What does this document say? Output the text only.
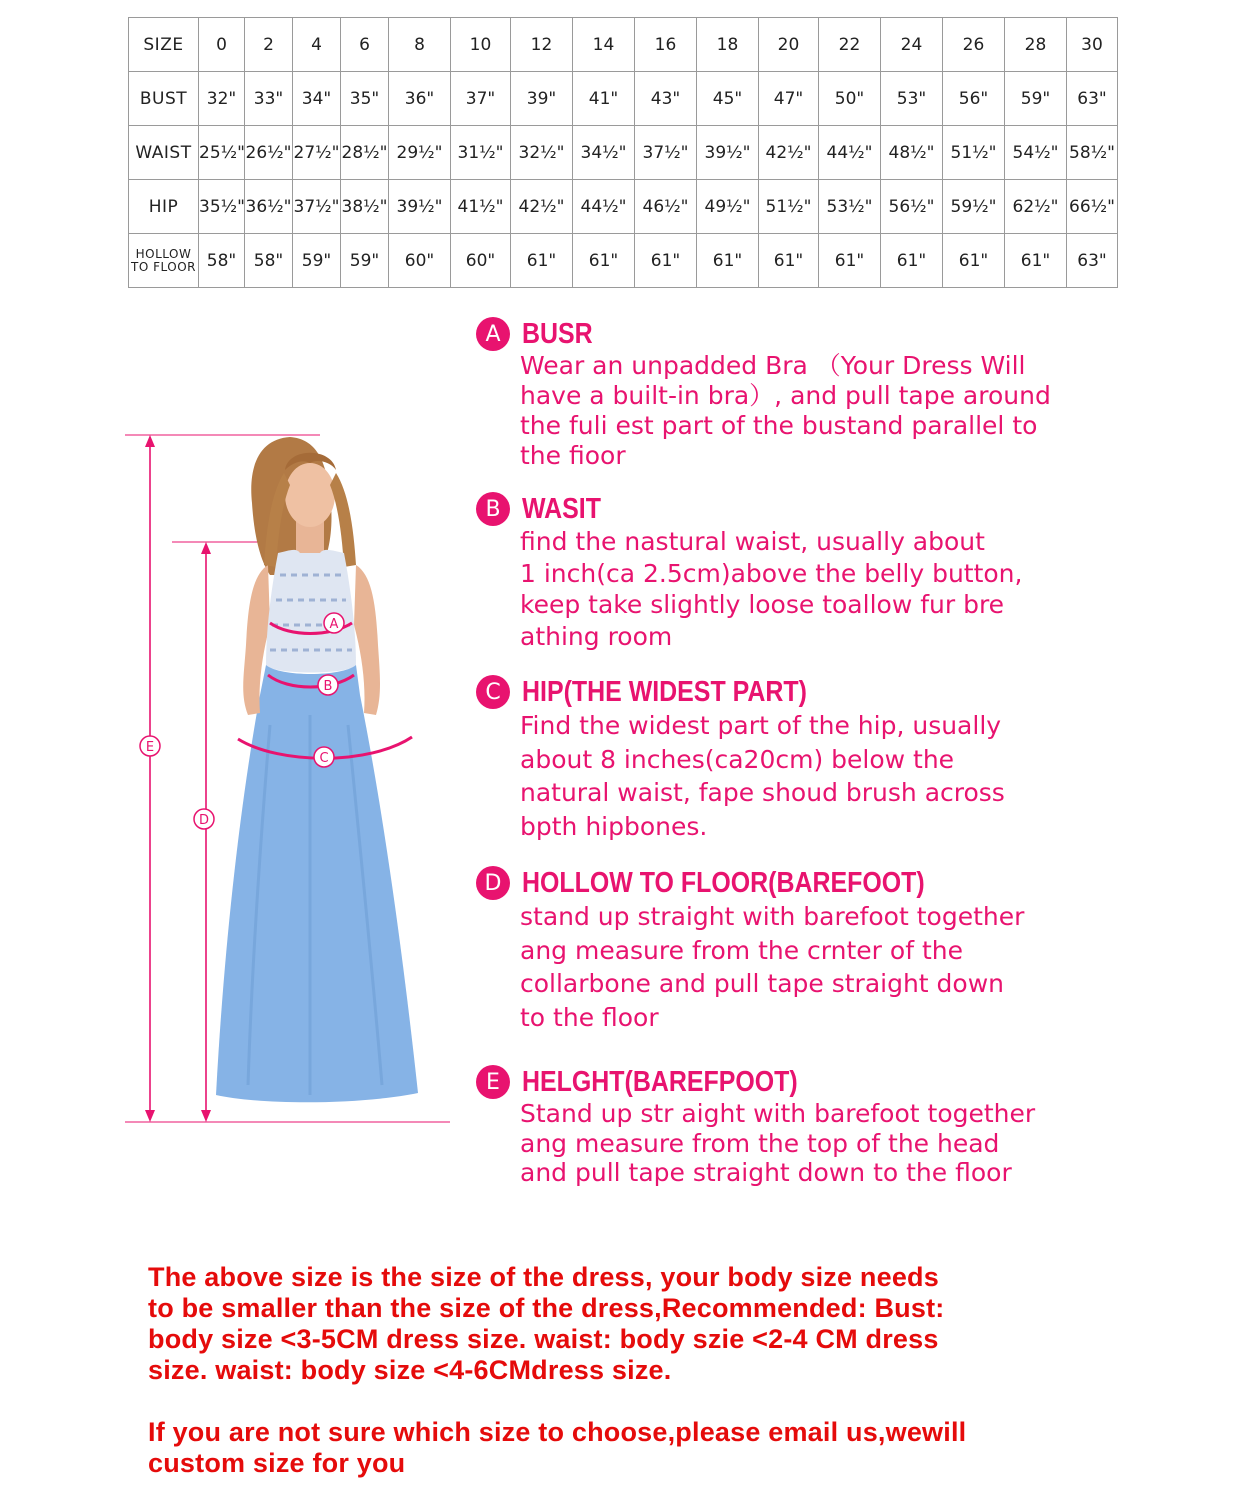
SIZE	0	2	4	6	8	10	12	14	16	18	20	22	24	26	28	30
BUST	32"	33"	34"	35"	36"	37"	39"	41"	43"	45"	47"	50"	53"	56"	59"	63"
WAIST	25½"	26½"	27½"	28½"	29½"	31½"	32½"	34½"	37½"	39½"	42½"	44½"	48½"	51½"	54½"	58½"
HIP	35½"	36½"	37½"	38½"	39½"	41½"	42½"	44½"	46½"	49½"	51½"	53½"	56½"	59½"	62½"	66½"
HOLLOW TO FLOOR	58"	58"	59"	59"	60"	60"	61"	61"	61"	61"	61"	61"	61"	61"	61"	63"
A
B
C
D
E
A BUSR
Wear an unpadded Bra （Your Dress Will
have a built-in bra）, and pull tape around
the fuli est part of the bustand parallel to
the fioor
B WASIT
find the nastural waist, usually about
1 inch(ca 2.5cm)above the belly button,
keep take slightly loose toallow fur bre
athing room
C HIP(THE WIDEST PART)
Find the widest part of the hip, usually
about 8 inches(ca20cm) below the
natural waist, fape shoud brush across
bpth hipbones.
D HOLLOW TO FLOOR(BAREFOOT)
stand up straight with barefoot together
ang measure from the crnter of the
collarbone and pull tape straight down
to the floor
E HELGHT(BAREFPOOT)
Stand up str aight with barefoot together
ang measure from the top of the head
and pull tape straight down to the floor
The above size is the size of the dress, your body size needs
to be smaller than the size of the dress,Recommended: Bust:
body size <3-5CM dress size. waist: body szie <2-4 CM dress
size. waist: body size <4-6CMdress size.
If you are not sure which size to choose,please email us,wewill
custom size for you
